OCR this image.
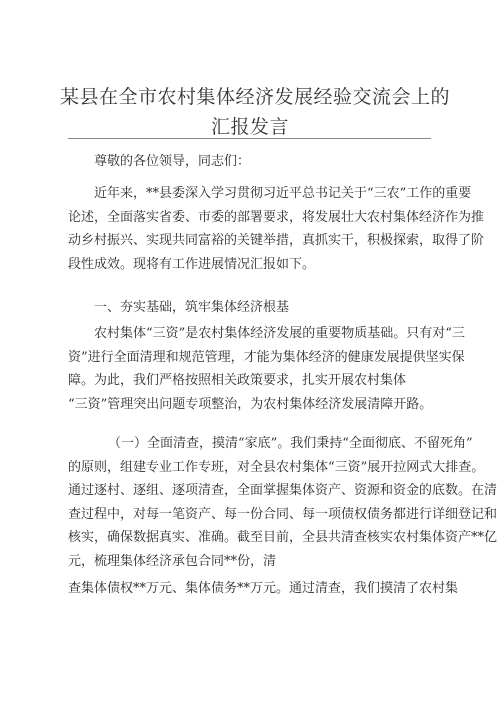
某县在全市农村集体经济发展经验交流会上的
汇报发言

尊敬的各位领导，同志们：

近年来，**县委深入学习贯彻习近平总书记关于“三农”工作的重要
论述，全面落实省委、市委的部署要求，将发展壮大农村集体经济作为推
动乡村振兴、实现共同富裕的关键举措，真抓实干，积极探索，取得了阶
段性成效。现将有工作进展情况汇报如下。

一、夯实基础，筑牢集体经济根基

农村集体“三资”是农村集体经济发展的重要物质基础。只有对“三
资”进行全面清理和规范管理，才能为集体经济的健康发展提供坚实保
障。为此，我们严格按照相关政策要求，扎实开展农村集体
“三资”管理突出问题专项整治，为农村集体经济发展清障开路。

（一）全面清查，摸清“家底”。我们秉持“全面彻底、不留死角”
的原则，组建专业工作专班，对全县农村集体“三资”展开拉网式大排查。
通过逐村、逐组、逐项清查，全面掌握集体资产、资源和资金的底数。在清
查过程中，对每一笔资产、每一份合同、每一项债权债务都进行详细登记和
核实，确保数据真实、准确。截至目前，全县共清查核实农村集体资产**亿
元，梳理集体经济承包合同**份，清

查集体债权**万元、集体债务**万元。通过清查，我们摸清了农村集
